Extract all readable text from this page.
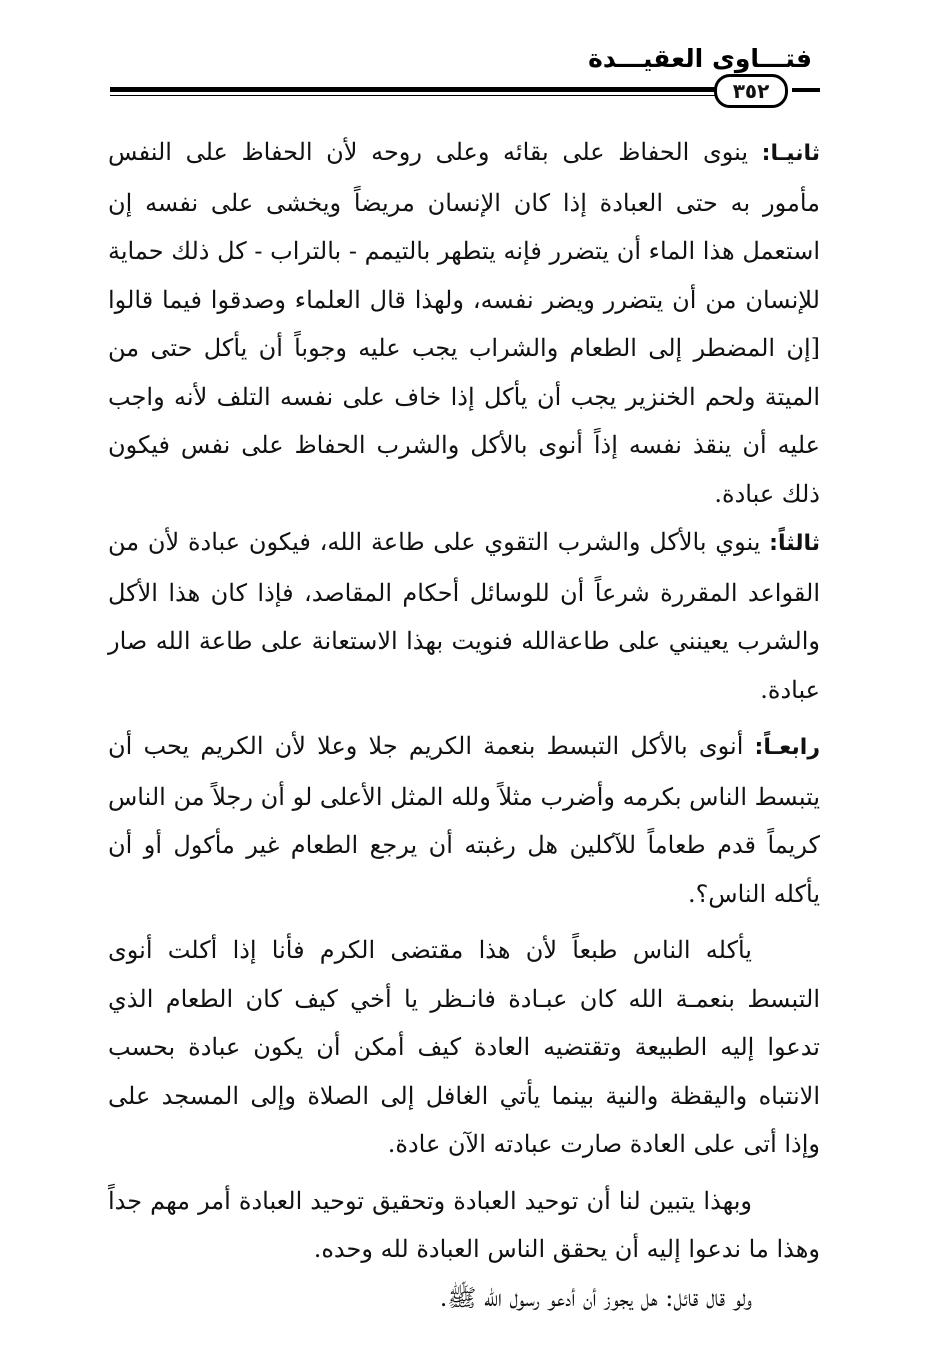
فتـــاوى العقيـــدة
٣٥٢

ثانيـا: ينوى الحفاظ على بقائه وعلى روحه لأن الحفاظ على النفس مأمور به حتى العبادة إذا كان الإنسان مريضاً ويخشى على نفسه إن استعمل هذا الماء أن يتضرر فإنه يتطهر بالتيمم - بالتراب - كل ذلك حماية للإنسان من أن يتضرر ويضر نفسه، ولهذا قال العلماء وصدقوا فيما قالوا [إن المضطر إلى الطعام والشراب يجب عليه وجوباً أن يأكل حتى من الميتة ولحم الخنزير يجب أن يأكل إذا خاف على نفسه التلف لأنه واجب عليه أن ينقذ نفسه إذاً أنوى بالأكل والشرب الحفاظ على نفس فيكون ذلك عبادة.

ثالثاً: ينوي بالأكل والشرب التقوي على طاعة الله، فيكون عبادة لأن من القواعد المقررة شرعاً أن للوسائل أحكام المقاصد، فإذا كان هذا الأكل والشرب يعينني على طاعةالله فنويت بهذا الاستعانة على طاعة الله صار عبادة.

رابعـاً: أنوى بالأكل التبسط بنعمة الكريم جلا وعلا لأن الكريم يحب أن يتبسط الناس بكرمه وأضرب مثلاً ولله المثل الأعلى لو أن رجلاً من الناس كريماً قدم طعاماً للآكلين هل رغبته أن يرجع الطعام غير مأكول أو أن يأكله الناس؟.

يأكله الناس طبعاً لأن هذا مقتضى الكرم فأنا إذا أكلت أنوى التبسط بنعمـة الله كان عبـادة فانـظر يا أخي كيف كان الطعام الذي تدعوا إليه الطبيعة وتقتضيه العادة كيف أمكن أن يكون عبادة بحسب الانتباه واليقظة والنية بينما يأتي الغافل إلى الصلاة وإلى المسجد على وإذا أتى على العادة صارت عبادته الآن عادة.

وبهذا يتبين لنا أن توحيد العبادة وتحقيق توحيد العبادة أمر مهم جداً وهذا ما ندعوا إليه أن يحقق الناس العبادة لله وحده.

ولو قال قائل: هل يجوز أن أدعو رسول الله ﷺ.
